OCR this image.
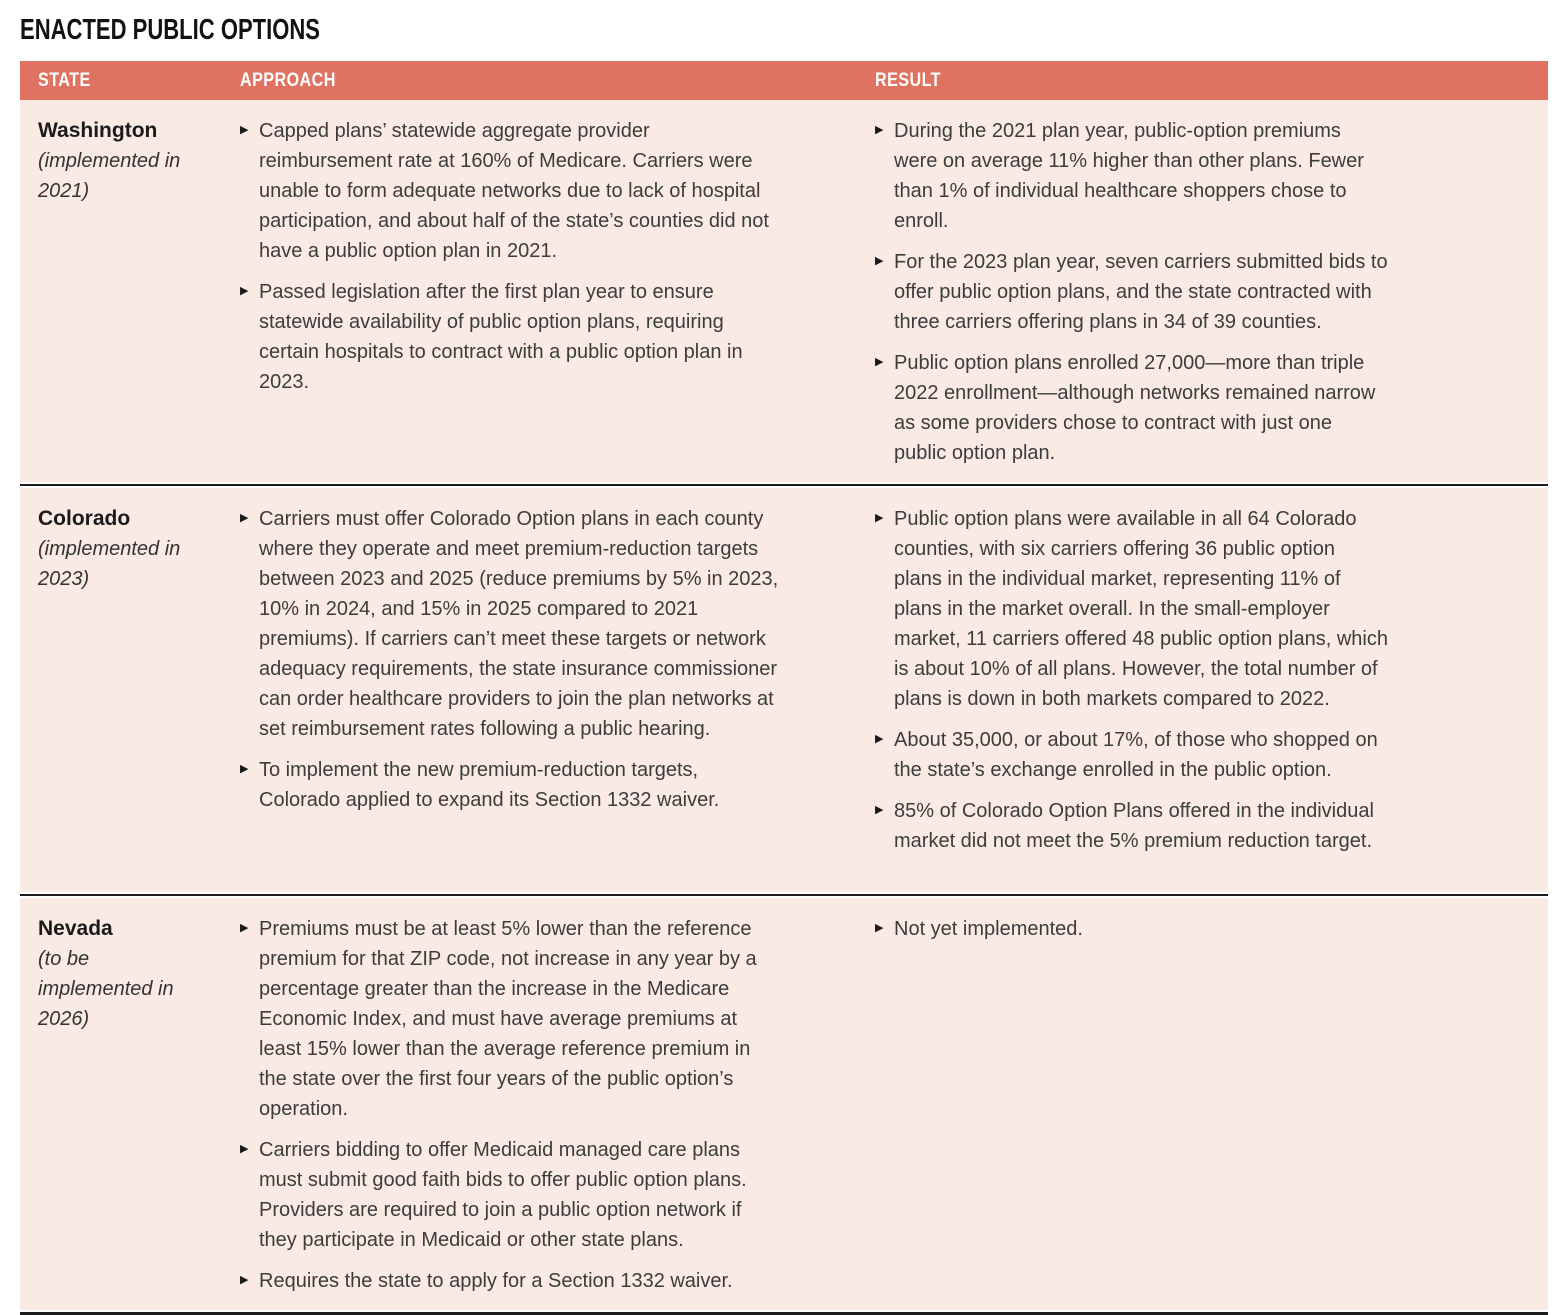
ENACTED PUBLIC OPTIONS
STATE	APPROACH	RESULT
Washington
(implemented in 2021)
▶ Capped plans’ statewide aggregate provider reimbursement rate at 160% of Medicare. Carriers were unable to form adequate networks due to lack of hospital participation, and about half of the state’s counties did not have a public option plan in 2021.
▶ Passed legislation after the first plan year to ensure statewide availability of public option plans, requiring certain hospitals to contract with a public option plan in 2023.
▶ During the 2021 plan year, public-option premiums were on average 11% higher than other plans. Fewer than 1% of individual healthcare shoppers chose to enroll.
▶ For the 2023 plan year, seven carriers submitted bids to offer public option plans, and the state contracted with three carriers offering plans in 34 of 39 counties.
▶ Public option plans enrolled 27,000—more than triple 2022 enrollment—although networks remained narrow as some providers chose to contract with just one public option plan.
Colorado
(implemented in 2023)
▶ Carriers must offer Colorado Option plans in each county where they operate and meet premium-reduction targets between 2023 and 2025 (reduce premiums by 5% in 2023, 10% in 2024, and 15% in 2025 compared to 2021 premiums). If carriers can’t meet these targets or network adequacy requirements, the state insurance commissioner can order healthcare providers to join the plan networks at set reimbursement rates following a public hearing.
▶ To implement the new premium-reduction targets, Colorado applied to expand its Section 1332 waiver.
▶ Public option plans were available in all 64 Colorado counties, with six carriers offering 36 public option plans in the individual market, representing 11% of plans in the market overall. In the small-employer market, 11 carriers offered 48 public option plans, which is about 10% of all plans. However, the total number of plans is down in both markets compared to 2022.
▶ About 35,000, or about 17%, of those who shopped on the state’s exchange enrolled in the public option.
▶ 85% of Colorado Option Plans offered in the individual market did not meet the 5% premium reduction target.
Nevada
(to be implemented in 2026)
▶ Premiums must be at least 5% lower than the reference premium for that ZIP code, not increase in any year by a percentage greater than the increase in the Medicare Economic Index, and must have average premiums at least 15% lower than the average reference premium in the state over the first four years of the public option’s operation.
▶ Carriers bidding to offer Medicaid managed care plans must submit good faith bids to offer public option plans. Providers are required to join a public option network if they participate in Medicaid or other state plans.
▶ Requires the state to apply for a Section 1332 waiver.
▶ Not yet implemented.
